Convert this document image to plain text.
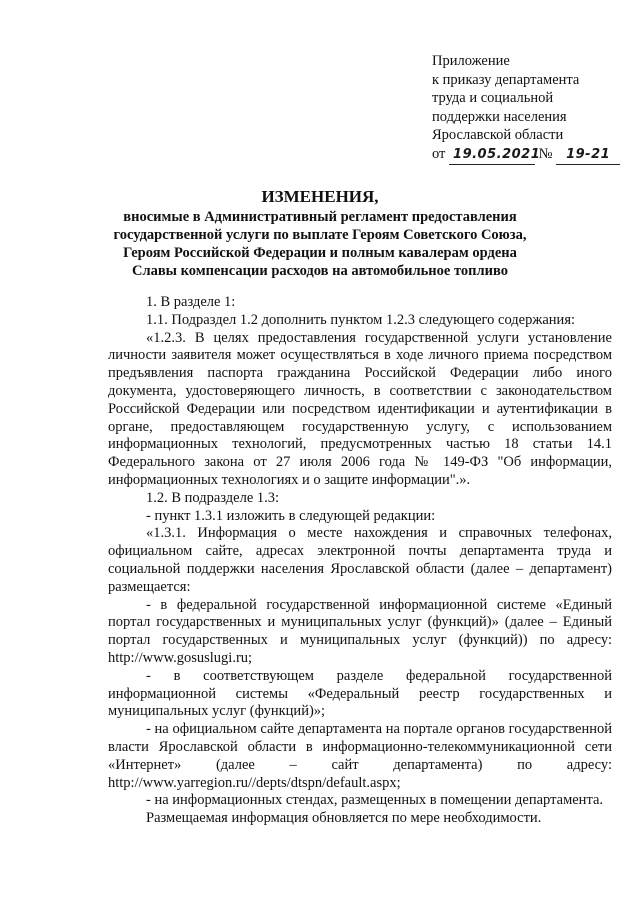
Приложение
к приказу департамента
труда и социальной
поддержки населения
Ярославской области
от 19.05.2021 № 19-21
ИЗМЕНЕНИЯ,
вносимые в Административный регламент предоставления государственной услуги по выплате Героям Советского Союза, Героям Российской Федерации и полным кавалерам ордена Славы компенсации расходов на автомобильное топливо

1. В разделе 1:

1.1. Подраздел 1.2 дополнить пунктом 1.2.3 следующего содержания:

«1.2.3. В целях предоставления государственной услуги установление личности заявителя может осуществляться в ходе личного приема посредством предъявления паспорта гражданина Российской Федерации либо иного документа, удостоверяющего личность, в соответствии с законодательством Российской Федерации или посредством идентификации и аутентификации в органе, предоставляющем государственную услугу, с использованием информационных технологий, предусмотренных частью 18 статьи 14.1 Федерального закона от 27 июля 2006 года № 149-ФЗ "Об информации, информационных технологиях и о защите информации".».

1.2. В подразделе 1.3:

- пункт 1.3.1 изложить в следующей редакции:

«1.3.1. Информация о месте нахождения и справочных телефонах, официальном сайте, адресах электронной почты департамента труда и социальной поддержки населения Ярославской области (далее – департамент) размещается:

- в федеральной государственной информационной системе «Единый портал государственных и муниципальных услуг (функций)» (далее – Единый портал государственных и муниципальных услуг (функций)) по адресу: http://www.gosuslugi.ru;

- в соответствующем разделе федеральной государственной информационной системы «Федеральный реестр государственных и муниципальных услуг (функций)»;

- на официальном сайте департамента на портале органов государственной власти Ярославской области в информационно-телекоммуникационной сети «Интернет» (далее – сайт департамента) по адресу: http://www.yarregion.ru//depts/dtspn/default.aspx;

- на информационных стендах, размещенных в помещении департамента.

Размещаемая информация обновляется по мере необходимости.
